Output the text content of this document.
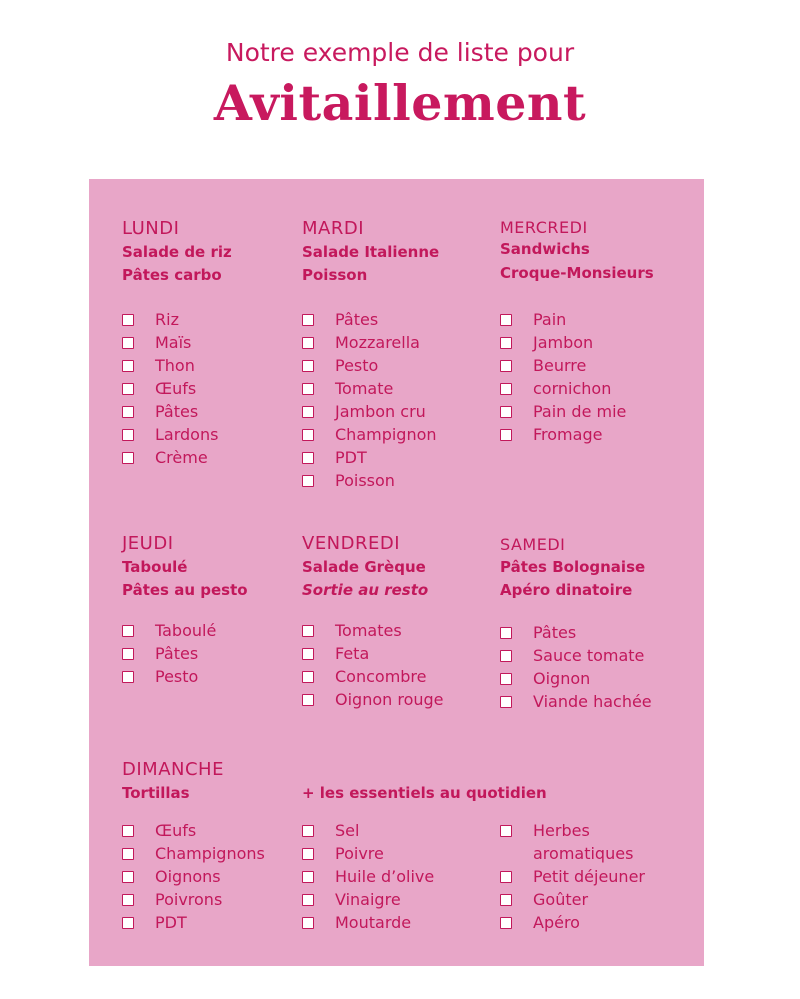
Notre exemple de liste pour
Avitaillement
LUNDI
Salade de riz
Pâtes carbo
Riz
Maïs
Thon
Œufs
Pâtes
Lardons
Crème
MARDI
Salade Italienne
Poisson
Pâtes
Mozzarella
Pesto
Tomate
Jambon cru
Champignon
PDT
Poisson
MERCREDI
Sandwichs
Croque-Monsieurs
Pain
Jambon
Beurre
cornichon
Pain de mie
Fromage
JEUDI
Taboulé
Pâtes au pesto
Taboulé
Pâtes
Pesto
VENDREDI
Salade Grèque
Sortie au resto
Tomates
Feta
Concombre
Oignon rouge
SAMEDI
Pâtes Bolognaise
Apéro dinatoire
Pâtes
Sauce tomate
Oignon
Viande hachée
DIMANCHE
Tortillas
Œufs
Champignons
Oignons
Poivrons
PDT
+ les essentiels au quotidien
Sel
Poivre
Huile d’olive
Vinaigre
Moutarde
Herbes
aromatiques
Petit déjeuner
Goûter
Apéro
